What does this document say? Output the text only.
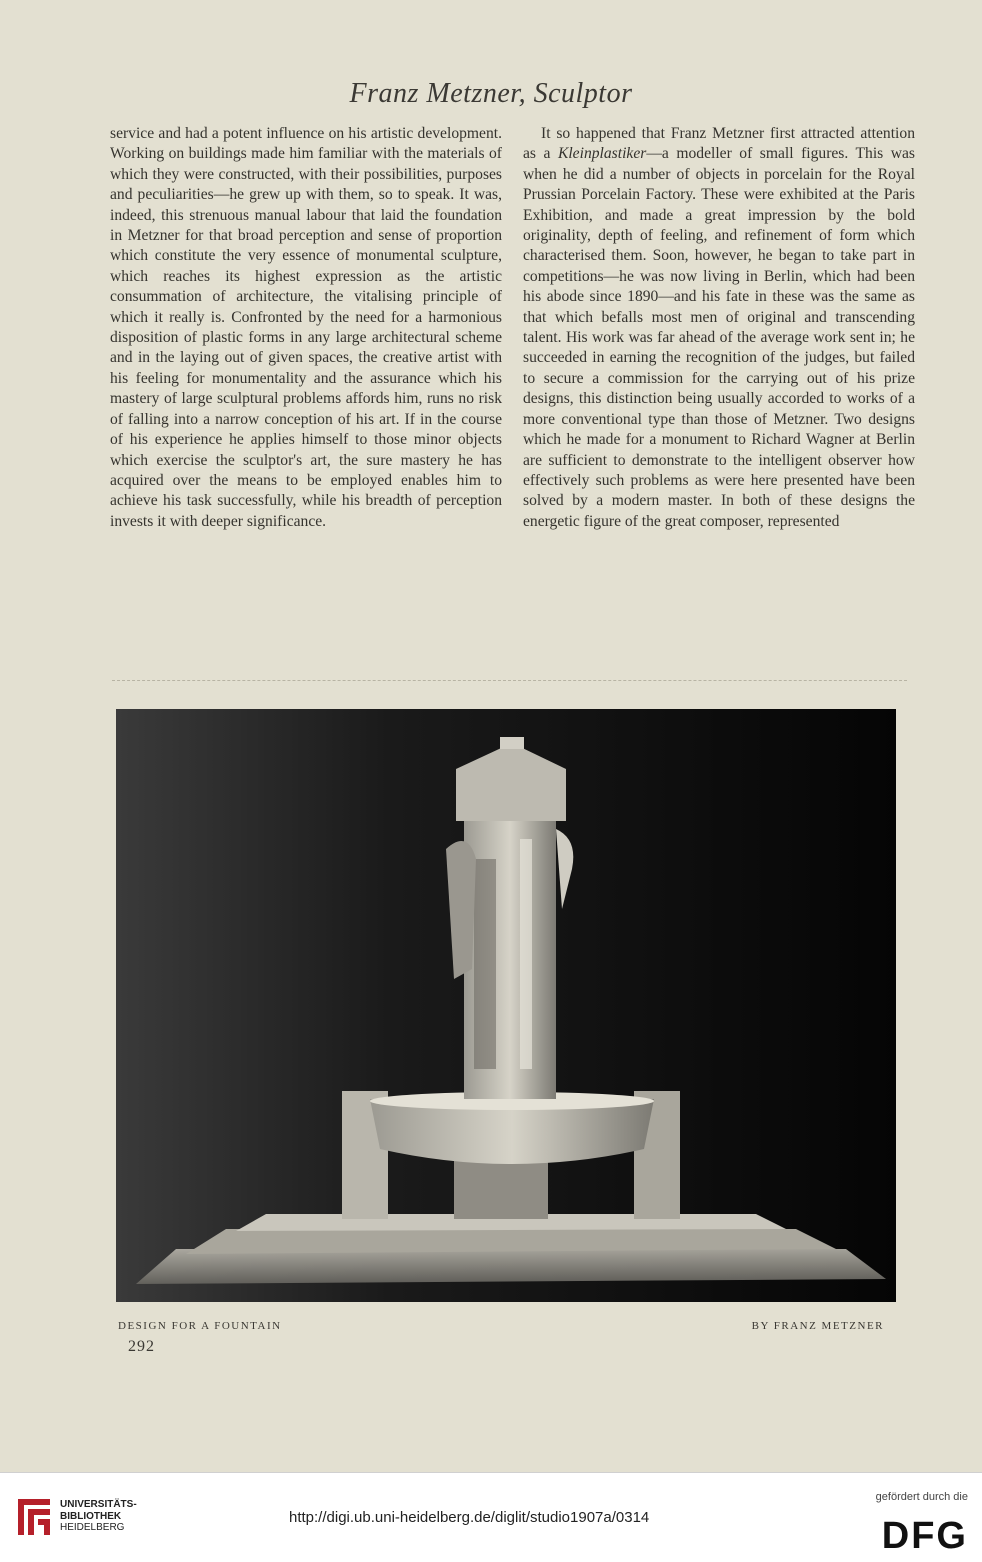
Franz Metzner, Sculptor

service and had a potent influence on his artistic development. Working on buildings made him familiar with the materials of which they were constructed, with their possibilities, purposes and peculiarities—he grew up with them, so to speak. It was, indeed, this strenuous manual labour that laid the foundation in Metzner for that broad perception and sense of proportion which constitute the very essence of monumental sculpture, which reaches its highest expression as the artistic consummation of architecture, the vitalising principle of which it really is. Confronted by the need for a harmonious disposition of plastic forms in any large architectural scheme and in the laying out of given spaces, the creative artist with his feeling for monumentality and the assurance which his mastery of large sculptural problems affords him, runs no risk of falling into a narrow conception of his art. If in the course of his experience he applies himself to those minor objects which exercise the sculptor's art, the sure mastery he has acquired over the means to be employed enables him to achieve his task successfully, while his breadth of perception invests it with deeper significance.

It so happened that Franz Metzner first attracted attention as a Kleinplastiker—a modeller of small figures. This was when he did a number of objects in porcelain for the Royal Prussian Porcelain Factory. These were exhibited at the Paris Exhibition, and made a great impression by the bold originality, depth of feeling, and refinement of form which characterised them. Soon, however, he began to take part in competitions—he was now living in Berlin, which had been his abode since 1890—and his fate in these was the same as that which befalls most men of original and transcending talent. His work was far ahead of the average work sent in; he succeeded in earning the recognition of the judges, but failed to secure a commission for the carrying out of his prize designs, this distinction being usually accorded to works of a more conventional type than those of Metzner. Two designs which he made for a monument to Richard Wagner at Berlin are sufficient to demonstrate to the intelligent observer how effectively such problems as were here presented have been solved by a modern master. In both of these designs the energetic figure of the great composer, represented

DESIGN FOR A FOUNTAIN	BY FRANZ METZNER
292
UNIVERSITÄTS-
BIBLIOTHEK
HEIDELBERG
http://digi.ub.uni-heidelberg.de/diglit/studio1907a/0314
gefördert durch die
DFG
